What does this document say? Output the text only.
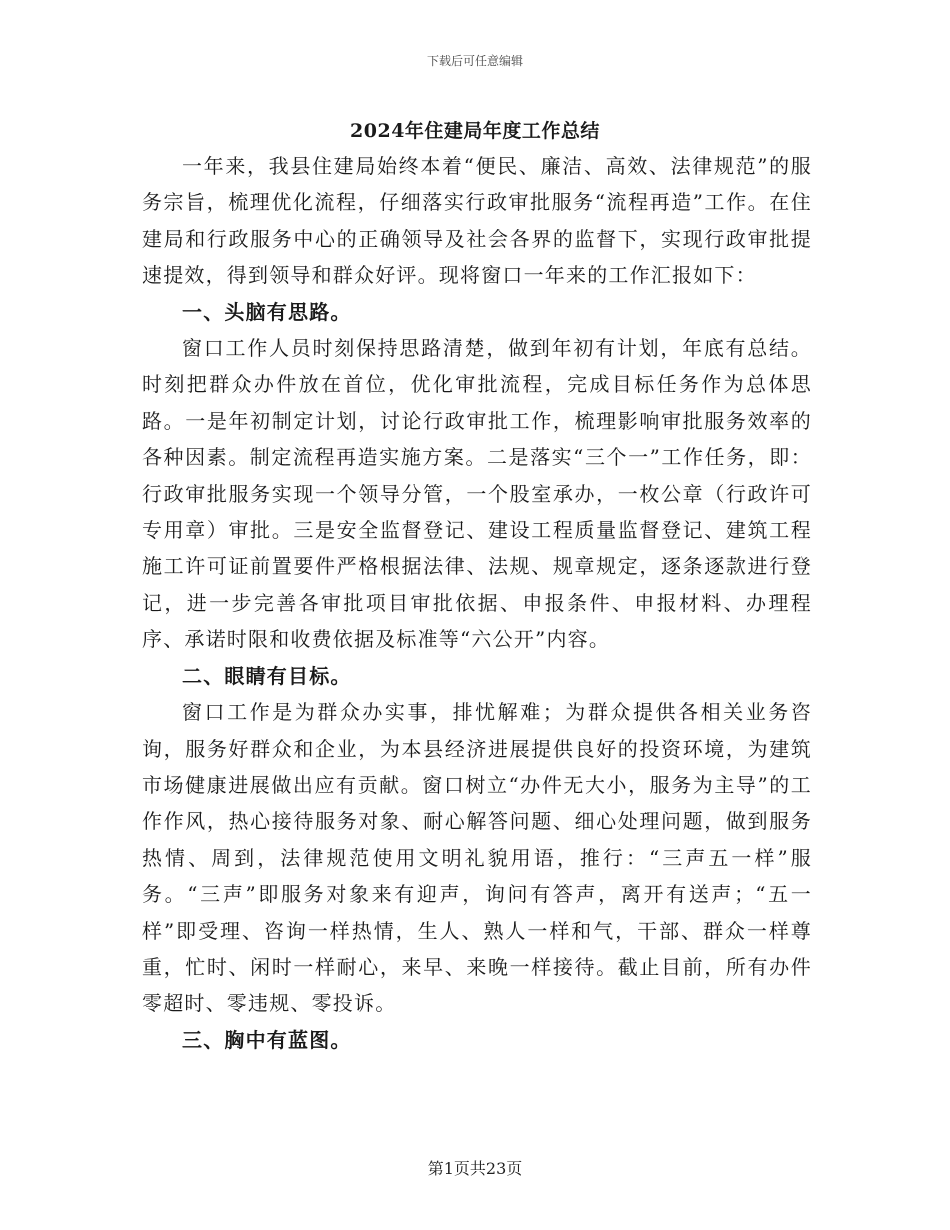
下载后可任意编辑
2024年住建局年度工作总结

一年来，我县住建局始终本着“便民、廉洁、高效、法律规范”的服务宗旨，梳理优化流程，仔细落实行政审批服务“流程再造”工作。在住建局和行政服务中心的正确领导及社会各界的监督下，实现行政审批提速提效，得到领导和群众好评。现将窗口一年来的工作汇报如下：

一、头脑有思路。

窗口工作人员时刻保持思路清楚，做到年初有计划，年底有总结。时刻把群众办件放在首位，优化审批流程，完成目标任务作为总体思路。一是年初制定计划，讨论行政审批工作，梳理影响审批服务效率的各种因素。制定流程再造实施方案。二是落实“三个一”工作任务，即：行政审批服务实现一个领导分管，一个股室承办，一枚公章（行政许可专用章）审批。三是安全监督登记、建设工程质量监督登记、建筑工程施工许可证前置要件严格根据法律、法规、规章规定，逐条逐款进行登记，进一步完善各审批项目审批依据、申报条件、申报材料、办理程序、承诺时限和收费依据及标准等“六公开”内容。

二、眼睛有目标。

窗口工作是为群众办实事，排忧解难；为群众提供各相关业务咨询，服务好群众和企业，为本县经济进展提供良好的投资环境，为建筑市场健康进展做出应有贡献。窗口树立“办件无大小，服务为主导”的工作作风，热心接待服务对象、耐心解答问题、细心处理问题，做到服务热情、周到，法律规范使用文明礼貌用语，推行：“三声五一样”服务。“三声”即服务对象来有迎声，询问有答声，离开有送声；“五一样”即受理、咨询一样热情，生人、熟人一样和气，干部、群众一样尊重，忙时、闲时一样耐心，来早、来晚一样接待。截止目前，所有办件零超时、零违规、零投诉。

三、胸中有蓝图。
第1页共23页
